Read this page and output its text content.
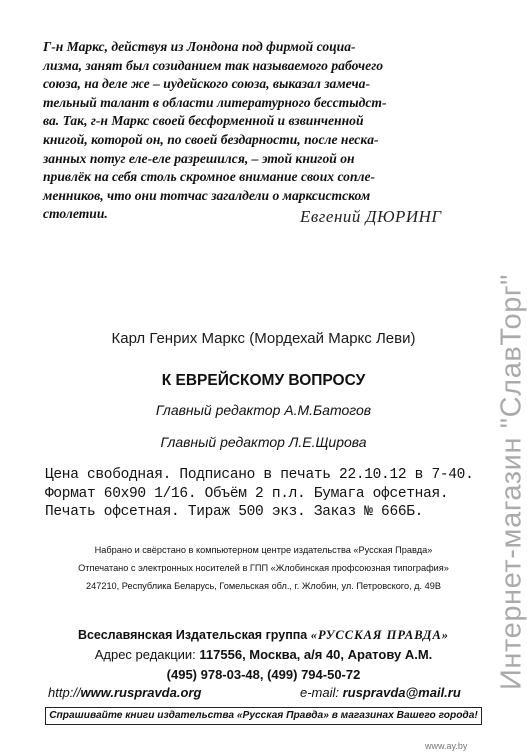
Г-н Маркс, действуя из Лондона под фирмой социа-
лизма, занят был созиданием так называемого рабочего
союза, на деле же – иудейского союза, выказал замеча-
тельный талант в области литературного бесстыдст-
ва. Так, г-н Маркс своей бесформенной и взвинченной
книгой, которой он, по своей бездарности, после нескa-
занных потуг еле-еле разрешился, – этой книгой он
привлёк на себя столь скромное внимание своих сопле-
менников, что они тотчас загалдели о марксистском
столетии.	Евгений ДЮРИНГ
Карл Генрих Маркс (Мордехай Маркс Леви)
К ЕВРЕЙСКОМУ ВОПРОСУ
Главный редактор А.М.Батогов
Главный редактор Л.Е.Щирова
Цена свободная. Подписано в печать 22.10.12 в 7-40.
Формат 60х90 1/16. Объём 2 п.л. Бумага офсетная.
Печать офсетная. Тираж 500 экз. Заказ № 666Б.
Набрано и свёрстано в компьютерном центре издательства «Русская Правда»
Отпечатано с электронных носителей в ГПП «Жлобинская профсоюзная типография»
247210, Республика Беларусь, Гомельская обл., г. Жлобин, ул. Петровского, д. 49В
Всеславянская Издательская группа «РУССКАЯ ПРАВДА»
Адрес редакции: 117556, Москва, а/я 40, Аратову А.М.
(495) 978-03-48, (499) 794-50-72
http://www.ruspravda.org	e-mail: ruspravda@mail.ru
Спрашивайте книги издательства «Русская Правда» в магазинах Вашего города!
Интернет-магазин "СлавТорг"
www.ay.by
